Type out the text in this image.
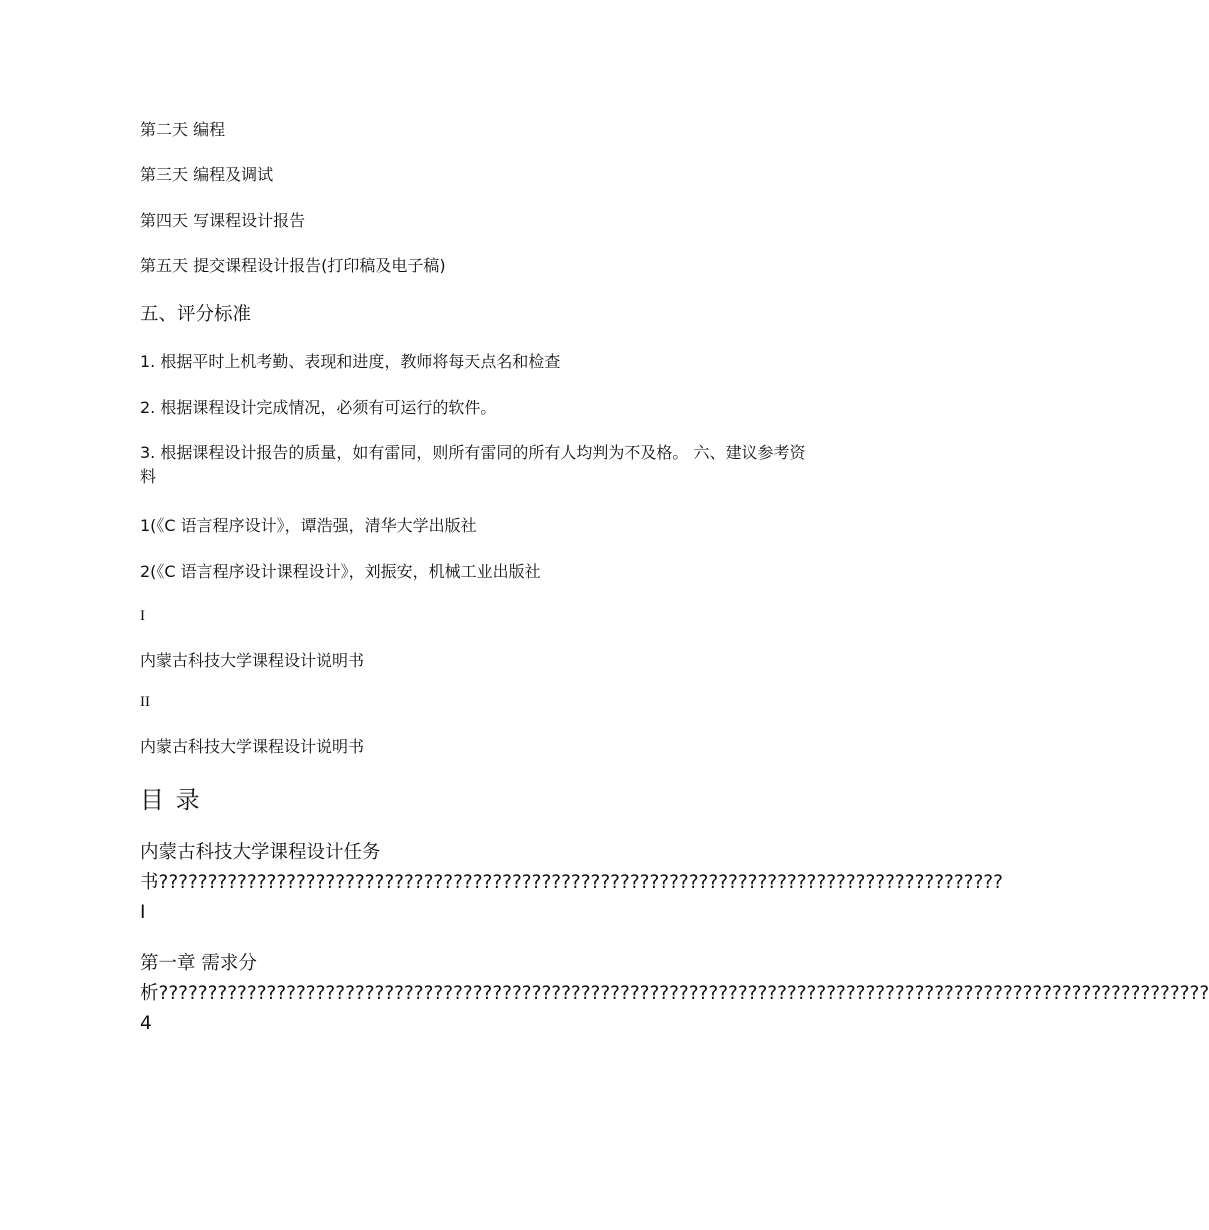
第二天 编程
第三天 编程及调试
第四天 写课程设计报告
第五天 提交课程设计报告(打印稿及电子稿)
五、评分标准
1. 根据平时上机考勤、表现和进度，教师将每天点名和检查
2. 根据课程设计完成情况，必须有可运行的软件。
3. 根据课程设计报告的质量，如有雷同，则所有雷同的所有人均判为不及格。 六、建议参考资料
1(《C 语言程序设计》，谭浩强，清华大学出版社
2(《C 语言程序设计课程设计》，刘振安，机械工业出版社
I
内蒙古科技大学课程设计说明书
II
内蒙古科技大学课程设计说明书
目 录
内蒙古科技大学课程设计任务书??????????????????????????????????????????????????????????????????????????????????????I
第一章 需求分析??????????????????????????????????????????????????????????????????????????????????????????????????????????? 4
